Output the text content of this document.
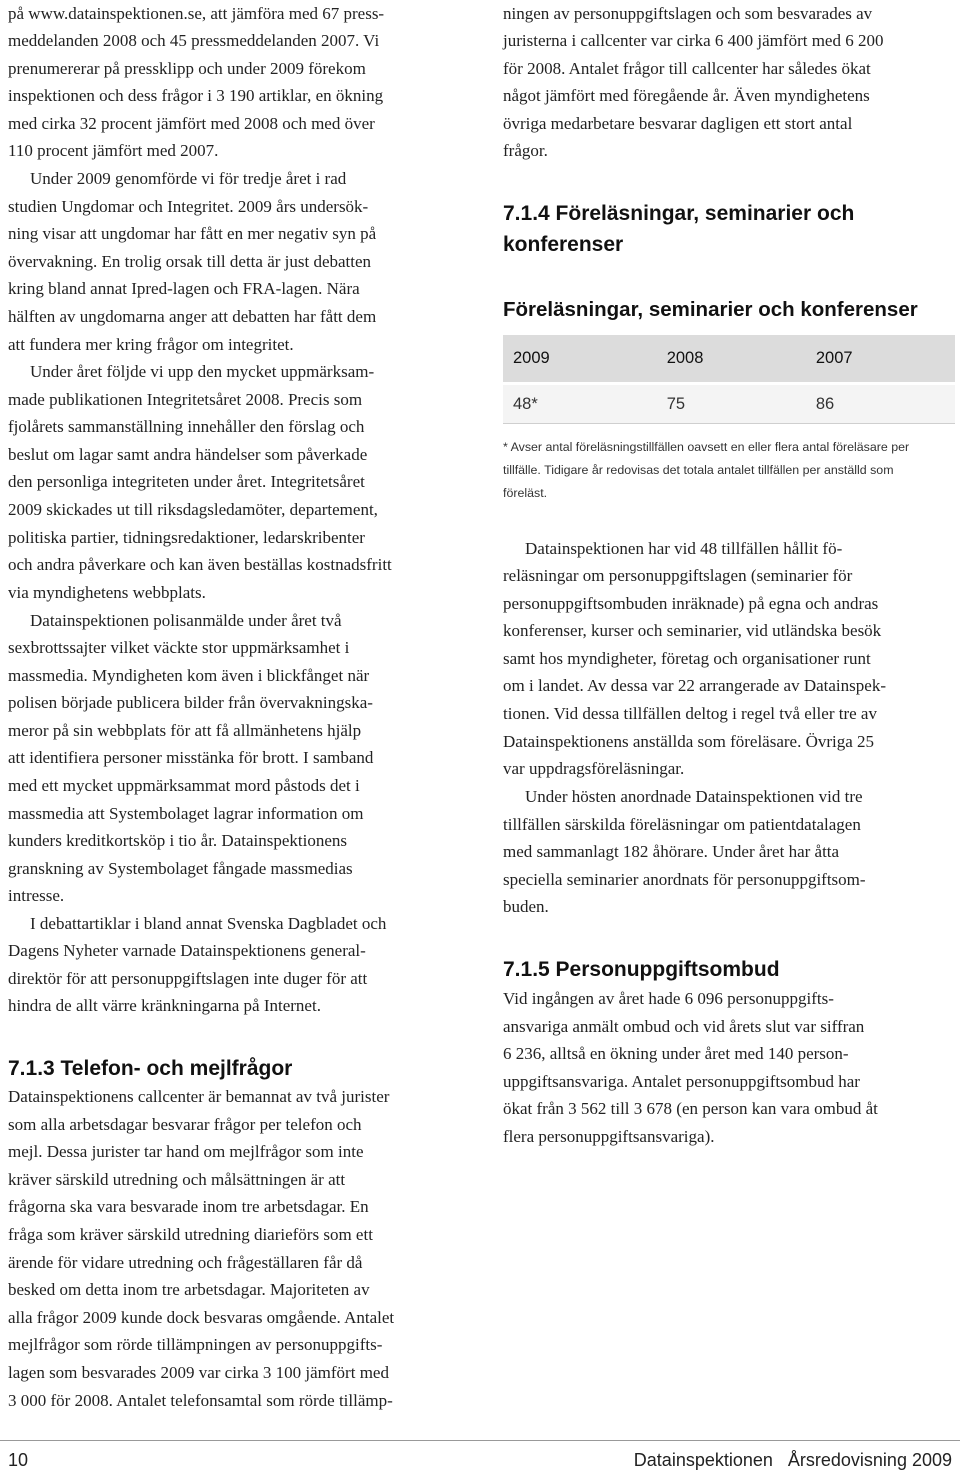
på www.datainspektionen.se, att jämföra med 67 press-
meddelanden 2008 och 45 pressmeddelanden 2007. Vi
prenumererar på pressklipp och under 2009 förekom
inspektionen och dess frågor i 3 190 artiklar, en ökning
med cirka 32 procent jämfört med 2008 och med över
110 procent jämfört med 2007.
Under 2009 genomförde vi för tredje året i rad
studien Ungdomar och Integritet. 2009 års undersök-
ning visar att ungdomar har fått en mer negativ syn på
övervakning. En trolig orsak till detta är just debatten
kring bland annat Ipred-lagen och FRA-lagen. Nära
hälften av ungdomarna anger att debatten har fått dem
att fundera mer kring frågor om integritet.
Under året följde vi upp den mycket uppmärksam-
made publikationen Integritetsåret 2008. Precis som
fjolårets sammanställning innehåller den förslag och
beslut om lagar samt andra händelser som påverkade
den personliga integriteten under året. Integritetsåret
2009 skickades ut till riksdagsledamöter, departement,
politiska partier, tidningsredaktioner, ledarskribenter
och andra påverkare och kan även beställas kostnadsfritt
via myndighetens webbplats.
Datainspektionen polisanmälde under året två
sexbrottssajter vilket väckte stor uppmärksamhet i
massmedia. Myndigheten kom även i blickfånget när
polisen började publicera bilder från övervakningska-
meror på sin webbplats för att få allmänhetens hjälp
att identifiera personer misstänka för brott. I samband
med ett mycket uppmärksammat mord påstods det i
massmedia att Systembolaget lagrar information om
kunders kreditkortsköp i tio år. Datainspektionens
granskning av Systembolaget fångade massmedias
intresse.
I debattartiklar i bland annat Svenska Dagbladet och
Dagens Nyheter varnade Datainspektionens general-
direktör för att personuppgiftslagen inte duger för att
hindra de allt värre kränkningarna på Internet.
7.1.3 Telefon- och mejlfrågor
Datainspektionens callcenter är bemannat av två jurister
som alla arbetsdagar besvarar frågor per telefon och
mejl. Dessa jurister tar hand om mejlfrågor som inte
kräver särskild utredning och målsättningen är att
frågorna ska vara besvarade inom tre arbetsdagar. En
fråga som kräver särskild utredning diarieförs som ett
ärende för vidare utredning och frågeställaren får då
besked om detta inom tre arbetsdagar. Majoriteten av
alla frågor 2009 kunde dock besvaras omgående. Antalet
mejlfrågor som rörde tillämpningen av personuppgifts-
lagen som besvarades 2009 var cirka 3 100 jämfört med
3 000 för 2008. Antalet telefonsamtal som rörde tillämp-
ningen av personuppgiftslagen och som besvarades av
juristerna i callcenter var cirka 6 400 jämfört med 6 200
för 2008. Antalet frågor till callcenter har således ökat
något jämfört med föregående år. Även myndighetens
övriga medarbetare besvarar dagligen ett stort antal
frågor.
7.1.4 Föreläsningar, seminarier och
konferenser
Föreläsningar, seminarier och konferenser
2009	2008	2007
48*	75	86
* Avser antal föreläsningstillfällen oavsett en eller flera antal föreläsare per
tillfälle. Tidigare år redovisas det totala antalet tillfällen per anställd som
föreläst.
Datainspektionen har vid 48 tillfällen hållit fö-
reläsningar om personuppgiftslagen (seminarier för
personuppgiftsombuden inräknade) på egna och andras
konferenser, kurser och seminarier, vid utländska besök
samt hos myndigheter, företag och organisationer runt
om i landet. Av dessa var 22 arrangerade av Datainspek-
tionen. Vid dessa tillfällen deltog i regel två eller tre av
Datainspektionens anställda som föreläsare. Övriga 25
var uppdragsföreläsningar.
Under hösten anordnade Datainspektionen vid tre
tillfällen särskilda föreläsningar om patientdatalagen
med sammanlagt 182 åhörare. Under året har åtta
speciella seminarier anordnats för personuppgiftsom-
buden.
7.1.5 Personuppgiftsombud
Vid ingången av året hade 6 096 personuppgifts-
ansvariga anmält ombud och vid årets slut var siffran
6 236, alltså en ökning under året med 140 person-
uppgiftsansvariga. Antalet personuppgiftsombud har
ökat från 3 562 till 3 678 (en person kan vara ombud åt
flera personuppgiftsansvariga).
10	Datainspektionen   Årsredovisning 2009
